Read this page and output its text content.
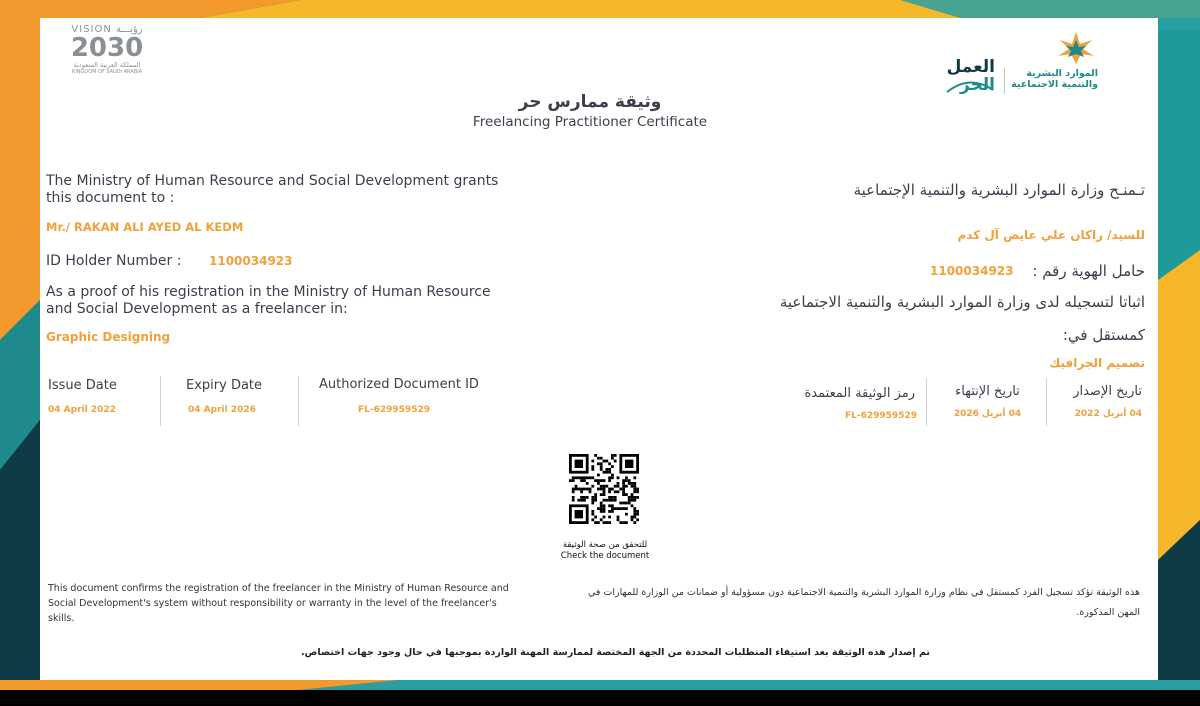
VISION رؤيـــة
2030
المملكة العربية السعودية
KINGDOM OF SAUDI ARABIA	العمل
الحر
الموارد البشرية
والتنمية الاجتماعية
وثيقة ممارس حر
Freelancing Practitioner Certificate
The Ministry of Human Resource and Social Development grants this document to :
Mr./ RAKAN ALI AYED AL KEDM
ID Holder Number : 1100034923
As a proof of his registration in the Ministry of Human Resource and Social Development as a freelancer in:
Graphic Designing
Issue Date
04 April 2022
Expiry Date
04 April 2026
Authorized Document ID
FL-629959529
تـمنـح وزارة الموارد البشرية والتنمية الإجتماعية
للسيد/ راكان علي عايض آل كدم
حامل الهوية رقم :
1100034923
اثباتا لتسجيله لدى وزارة الموارد البشرية والتنمية الاجتماعية
كمستقل في:
تصميم الجرافيك
تاريخ الإصدار
04 أبريل 2022
تاريخ الإنتهاء
04 أبريل 2026
رمز الوثيقة المعتمدة
FL-629959529
للتحقق من صحة الوثيقة
Check the document
This document confirms the registration of the freelancer in the Ministry of Human Resource and Social Development's system without responsibility or warranty in the level of the freelancer's skills.
هذه الوثيقة تؤكد تسجيل الفرد كمستقل في نظام وزارة الموارد البشرية والتنمية الاجتماعية دون مسؤولية أو ضمانات من الوزارة للمهارات في المهن المذكورة.
تم إصدار هذه الوثيقة بعد استيفاء المتطلبات المحددة من الجهة المختصة لممارسة المهنة الواردة بموجبها في حال وجود جهات اختصاص.
